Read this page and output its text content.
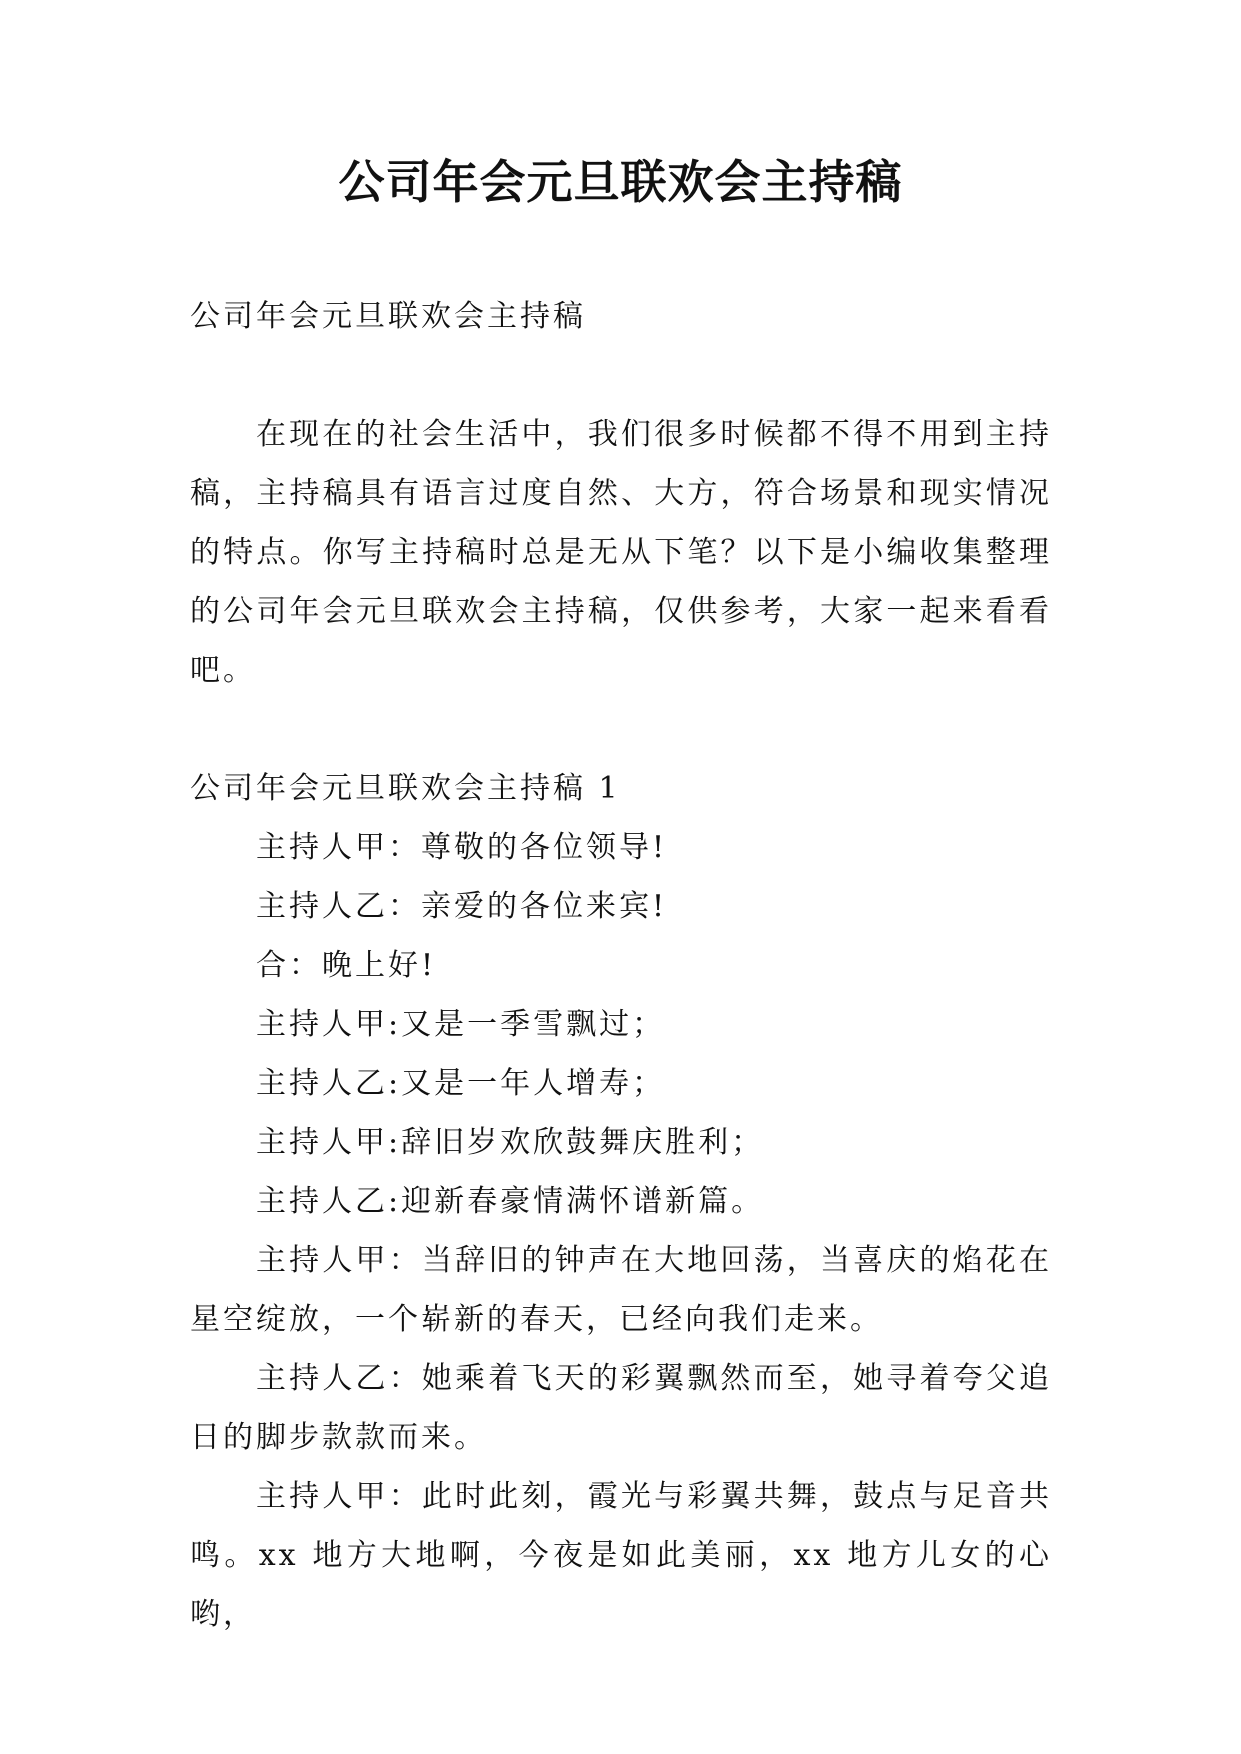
公司年会元旦联欢会主持稿

公司年会元旦联欢会主持稿

在现在的社会生活中，我们很多时候都不得不用到主持稿，主持稿具有语言过度自然、大方，符合场景和现实情况的特点。你写主持稿时总是无从下笔？以下是小编收集整理的公司年会元旦联欢会主持稿，仅供参考，大家一起来看看吧。

公司年会元旦联欢会主持稿 1

主持人甲：尊敬的各位领导!

主持人乙：亲爱的各位来宾!

合：晚上好!

主持人甲:又是一季雪飘过；

主持人乙:又是一年人增寿；

主持人甲:辞旧岁欢欣鼓舞庆胜利；

主持人乙:迎新春豪情满怀谱新篇。

主持人甲：当辞旧的钟声在大地回荡，当喜庆的焰花在星空绽放，一个崭新的春天，已经向我们走来。

主持人乙：她乘着飞天的彩翼飘然而至，她寻着夸父追日的脚步款款而来。

主持人甲：此时此刻，霞光与彩翼共舞，鼓点与足音共鸣。xx 地方大地啊，今夜是如此美丽，xx 地方儿女的心哟，
